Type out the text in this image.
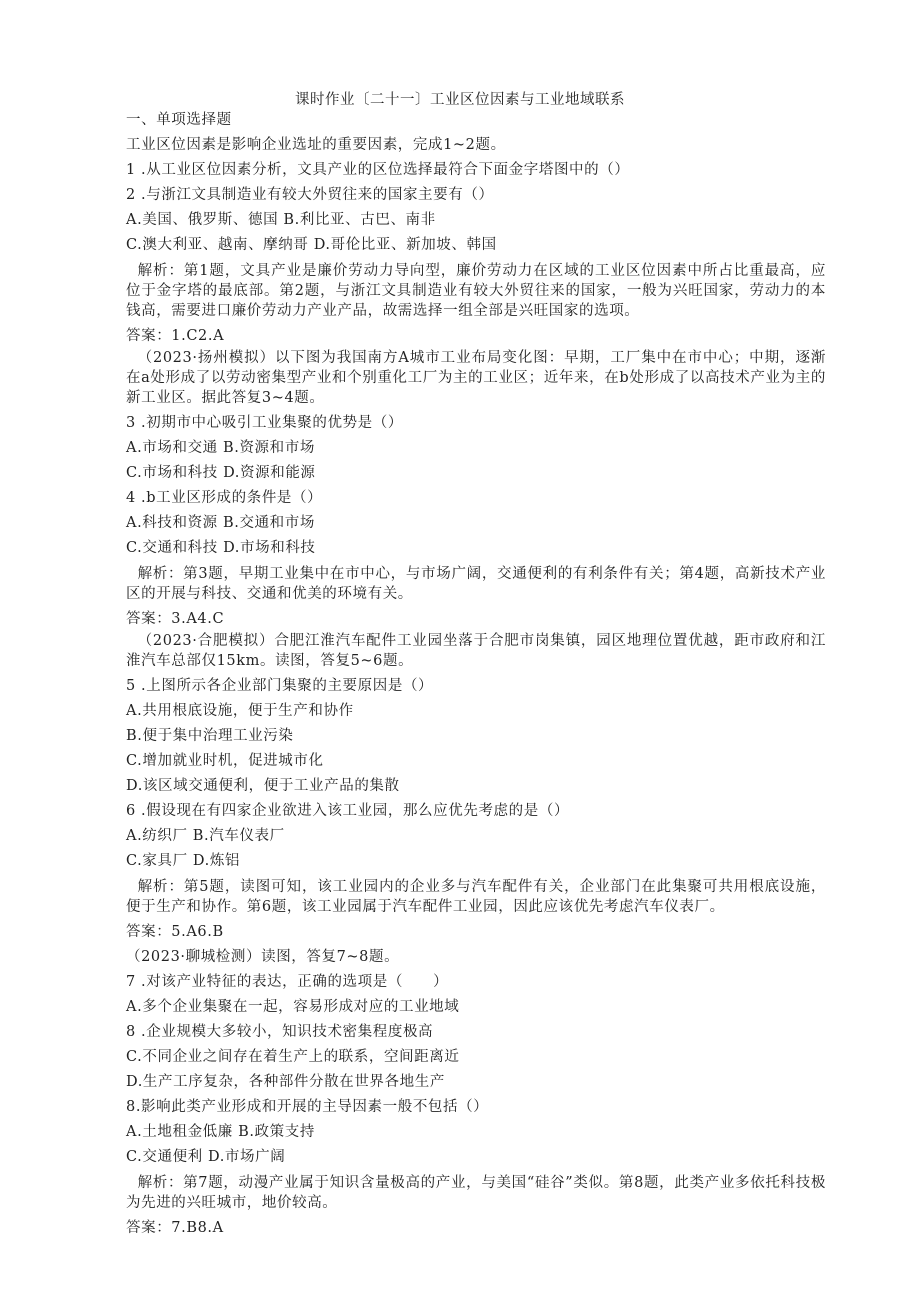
课时作业〔二十一〕工业区位因素与工业地域联系
一、单项选择题
工业区位因素是影响企业选址的重要因素，完成1~2题。
1 .从工业区位因素分析，文具产业的区位选择最符合下面金字塔图中的（）
2 .与浙江文具制造业有较大外贸往来的国家主要有（）
A.美国、俄罗斯、德国 B.利比亚、古巴、南非
C.澳大利亚、越南、摩纳哥 D.哥伦比亚、新加坡、韩国
解析：第1题，文具产业是廉价劳动力导向型，廉价劳动力在区域的工业区位因素中所占比重最高，应位于金字塔的最底部。第2题，与浙江文具制造业有较大外贸往来的国家，一般为兴旺国家，劳动力的本钱高，需要进口廉价劳动力产业产品，故需选择一组全部是兴旺国家的选项。
答案：1.C2.A
（2023·扬州模拟）以下图为我国南方A城市工业布局变化图：早期，工厂集中在市中心；中期，逐渐在a处形成了以劳动密集型产业和个别重化工厂为主的工业区；近年来，在b处形成了以高技术产业为主的新工业区。据此答复3~4题。
3 .初期市中心吸引工业集聚的优势是（）
A.市场和交通 B.资源和市场
C.市场和科技 D.资源和能源
4 .b工业区形成的条件是（）
A.科技和资源 B.交通和市场
C.交通和科技 D.市场和科技
解析：第3题，早期工业集中在市中心，与市场广阔，交通便利的有利条件有关；第4题，高新技术产业区的开展与科技、交通和优美的环境有关。
答案：3.A4.C
（2023·合肥模拟）合肥江淮汽车配件工业园坐落于合肥市岗集镇，园区地理位置优越，距市政府和江淮汽车总部仅15km。读图，答复5~6题。
5 .上图所示各企业部门集聚的主要原因是（）
A.共用根底设施，便于生产和协作
B.便于集中治理工业污染
C.增加就业时机，促进城市化
D.该区域交通便利，便于工业产品的集散
6 .假设现在有四家企业欲进入该工业园，那么应优先考虑的是（）
A.纺织厂 B.汽车仪表厂
C.家具厂 D.炼铝
解析：第5题，读图可知，该工业园内的企业多与汽车配件有关，企业部门在此集聚可共用根底设施，便于生产和协作。第6题，该工业园属于汽车配件工业园，因此应该优先考虑汽车仪表厂。
答案：5.A6.B
（2023·聊城检测）读图，答复7~8题。
7 .对该产业特征的表达，正确的选项是（　　）
A.多个企业集聚在一起，容易形成对应的工业地域
8 .企业规模大多较小，知识技术密集程度极高
C.不同企业之间存在着生产上的联系，空间距离近
D.生产工序复杂，各种部件分散在世界各地生产
8.影响此类产业形成和开展的主导因素一般不包括（）
A.土地租金低廉 B.政策支持
C.交通便利 D.市场广阔
解析：第7题，动漫产业属于知识含量极高的产业，与美国“硅谷”类似。第8题，此类产业多依托科技极为先进的兴旺城市，地价较高。
答案：7.B8.A
